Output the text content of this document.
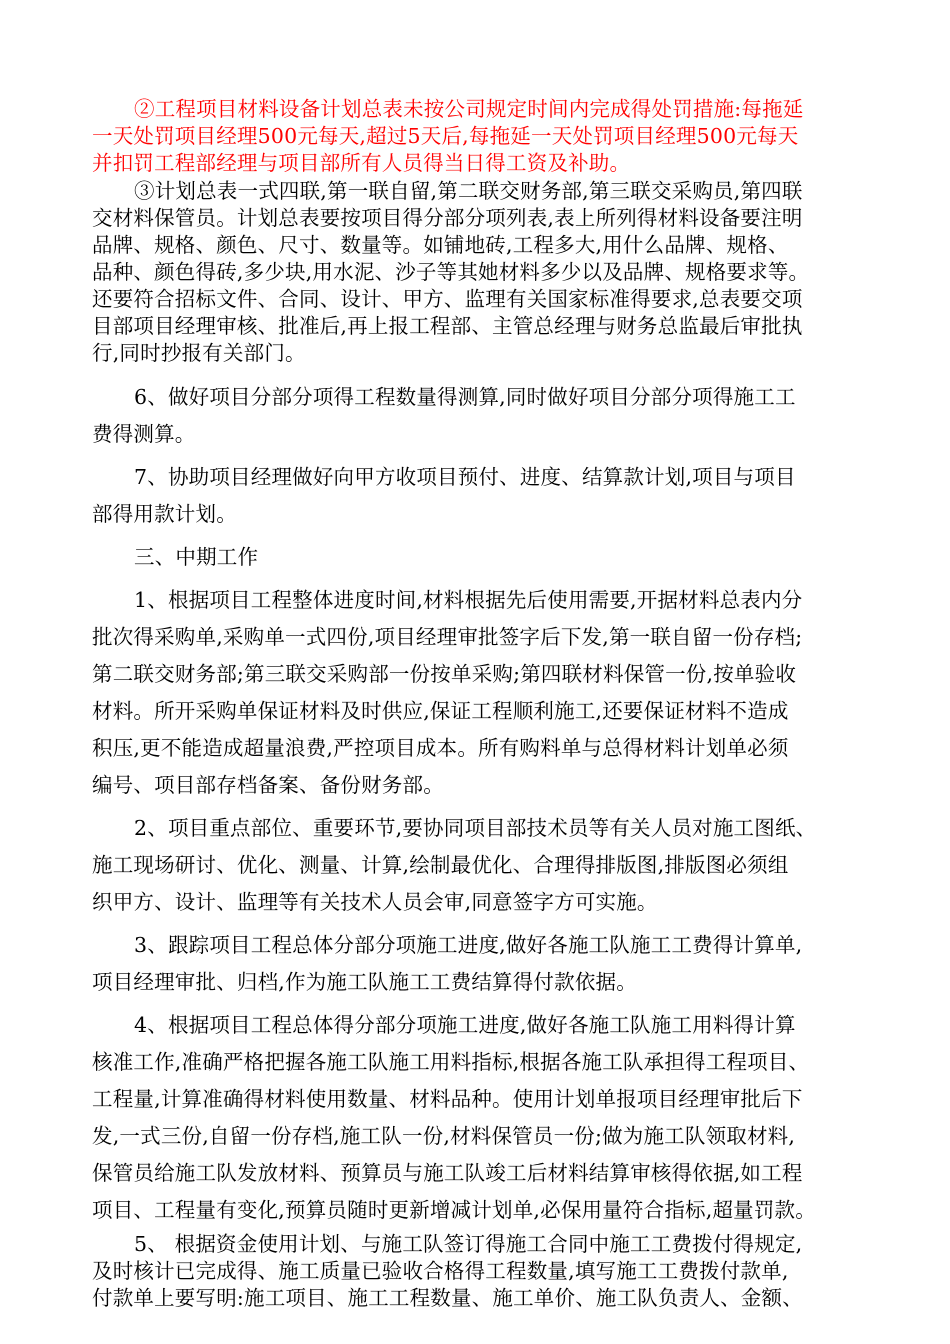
②工程项目材料设备计划总表未按公司规定时间内完成得处罚措施:每拖延
一天处罚项目经理500元每天,超过5天后,每拖延一天处罚项目经理500元每天
并扣罚工程部经理与项目部所有人员得当日得工资及补助。
③计划总表一式四联,第一联自留,第二联交财务部,第三联交采购员,第四联
交材料保管员。计划总表要按项目得分部分项列表,表上所列得材料设备要注明
品牌、规格、颜色、尺寸、数量等。如铺地砖,工程多大,用什么品牌、规格、
品种、颜色得砖,多少块,用水泥、沙子等其她材料多少以及品牌、规格要求等。
还要符合招标文件、合同、设计、甲方、监理有关国家标准得要求,总表要交项
目部项目经理审核、批准后,再上报工程部、主管总经理与财务总监最后审批执
行,同时抄报有关部门。
6、做好项目分部分项得工程数量得测算,同时做好项目分部分项得施工工
费得测算。
7、协助项目经理做好向甲方收项目预付、进度、结算款计划,项目与项目
部得用款计划。
三、中期工作
1、根据项目工程整体进度时间,材料根据先后使用需要,开据材料总表内分
批次得采购单,采购单一式四份,项目经理审批签字后下发,第一联自留一份存档;
第二联交财务部;第三联交采购部一份按单采购;第四联材料保管一份,按单验收
材料。所开采购单保证材料及时供应,保证工程顺利施工,还要保证材料不造成
积压,更不能造成超量浪费,严控项目成本。所有购料单与总得材料计划单必须
编号、项目部存档备案、备份财务部。
2、项目重点部位、重要环节,要协同项目部技术员等有关人员对施工图纸、
施工现场研讨、优化、测量、计算,绘制最优化、合理得排版图,排版图必须组
织甲方、设计、监理等有关技术人员会审,同意签字方可实施。
3、跟踪项目工程总体分部分项施工进度,做好各施工队施工工费得计算单,
项目经理审批、归档,作为施工队施工工费结算得付款依据。
4、根据项目工程总体得分部分项施工进度,做好各施工队施工用料得计算
核准工作,准确严格把握各施工队施工用料指标,根据各施工队承担得工程项目、
工程量,计算准确得材料使用数量、材料品种。使用计划单报项目经理审批后下
发,一式三份,自留一份存档,施工队一份,材料保管员一份;做为施工队领取材料,
保管员给施工队发放材料、预算员与施工队竣工后材料结算审核得依据,如工程
项目、工程量有变化,预算员随时更新增减计划单,必保用量符合指标,超量罚款。
5、 根据资金使用计划、与施工队签订得施工合同中施工工费拨付得规定,
及时核计已完成得、施工质量已验收合格得工程数量,填写施工工费拨付款单,
付款单上要写明:施工项目、施工工程数量、施工单价、施工队负责人、金额、
